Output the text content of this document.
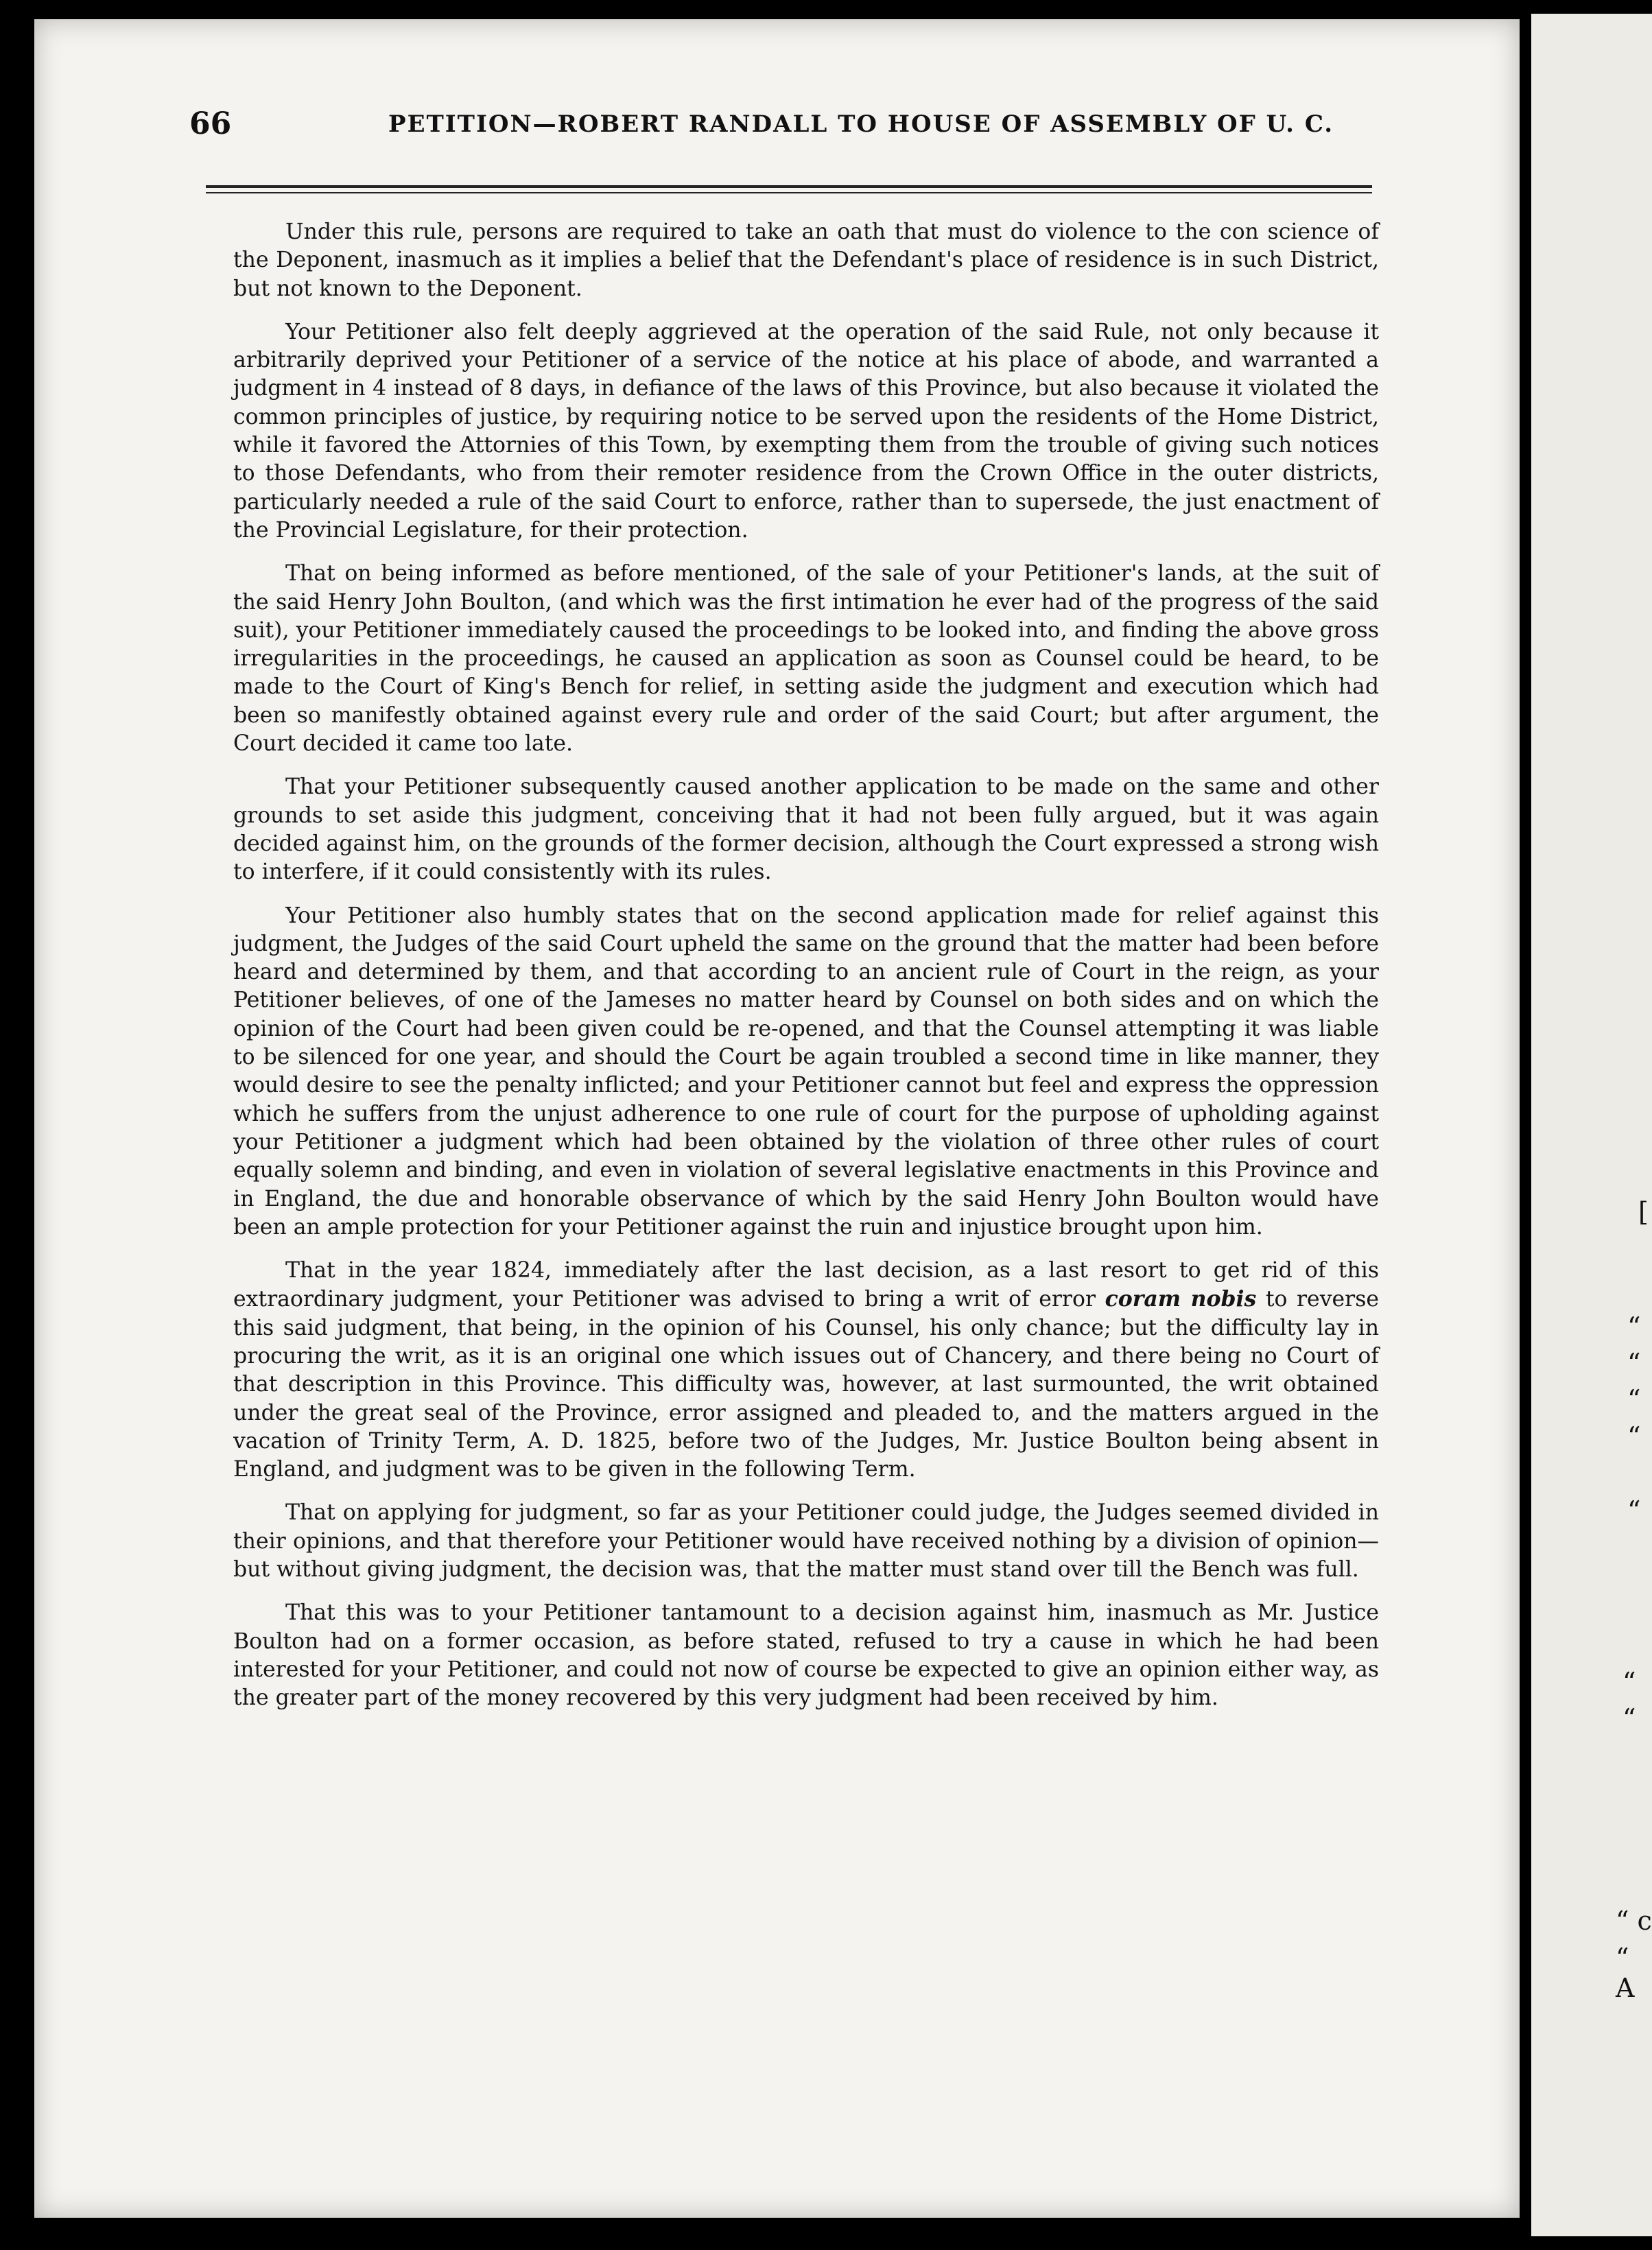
[
“
“
“
“
“
“
“
“ c
“ A
66	PETITION—ROBERT RANDALL TO HOUSE OF ASSEMBLY OF U. C.

Under this rule, persons are required to take an oath that must do violence to the con science of the Deponent, inasmuch as it implies a belief that the Defendant's place of residence is in such District, but not known to the Deponent.

Your Petitioner also felt deeply aggrieved at the operation of the said Rule, not only because it arbitrarily deprived your Petitioner of a service of the notice at his place of abode, and warranted a judgment in 4 instead of 8 days, in defiance of the laws of this Province, but also because it violated the common principles of justice, by requiring notice to be served upon the residents of the Home District, while it favored the Attornies of this Town, by exempting them from the trouble of giving such notices to those Defendants, who from their remoter residence from the Crown Office in the outer districts, particularly needed a rule of the said Court to enforce, rather than to supersede, the just enactment of the Provincial Legislature, for their protection.

That on being informed as before mentioned, of the sale of your Petitioner's lands, at the suit of the said Henry John Boulton, (and which was the first intimation he ever had of the progress of the said suit), your Petitioner immediately caused the proceedings to be looked into, and finding the above gross irregularities in the proceedings, he caused an application as soon as Counsel could be heard, to be made to the Court of King's Bench for relief, in setting aside the judgment and execution which had been so manifestly obtained against every rule and order of the said Court; but after argument, the Court decided it came too late.

That your Petitioner subsequently caused another application to be made on the same and other grounds to set aside this judgment, conceiving that it had not been fully argued, but it was again decided against him, on the grounds of the former decision, although the Court expressed a strong wish to interfere, if it could consistently with its rules.

Your Petitioner also humbly states that on the second application made for relief against this judgment, the Judges of the said Court upheld the same on the ground that the matter had been before heard and determined by them, and that according to an ancient rule of Court in the reign, as your Petitioner believes, of one of the Jameses no matter heard by Counsel on both sides and on which the opinion of the Court had been given could be re-opened, and that the Counsel attempting it was liable to be silenced for one year, and should the Court be again troubled a second time in like manner, they would desire to see the penalty inflicted; and your Petitioner cannot but feel and express the oppression which he suffers from the unjust adherence to one rule of court for the purpose of upholding against your Petitioner a judgment which had been obtained by the violation of three other rules of court equally solemn and binding, and even in violation of several legislative enactments in this Province and in England, the due and honorable observance of which by the said Henry John Boulton would have been an ample protection for your Petitioner against the ruin and injustice brought upon him.

That in the year 1824, immediately after the last decision, as a last resort to get rid of this extraordinary judgment, your Petitioner was advised to bring a writ of error coram nobis to reverse this said judgment, that being, in the opinion of his Counsel, his only chance; but the difficulty lay in procuring the writ, as it is an original one which issues out of Chancery, and there being no Court of that description in this Province. This difficulty was, however, at last surmounted, the writ obtained under the great seal of the Province, error assigned and pleaded to, and the matters argued in the vacation of Trinity Term, A. D. 1825, before two of the Judges, Mr. Justice Boulton being absent in England, and judgment was to be given in the following Term.

That on applying for judgment, so far as your Petitioner could judge, the Judges seemed divided in their opinions, and that therefore your Petitioner would have received nothing by a division of opinion—but without giving judgment, the decision was, that the matter must stand over till the Bench was full.

That this was to your Petitioner tantamount to a decision against him, inasmuch as Mr. Justice Boulton had on a former occasion, as before stated, refused to try a cause in which he had been interested for your Petitioner, and could not now of course be expected to give an opinion either way, as the greater part of the money recovered by this very judgment had been received by him.
